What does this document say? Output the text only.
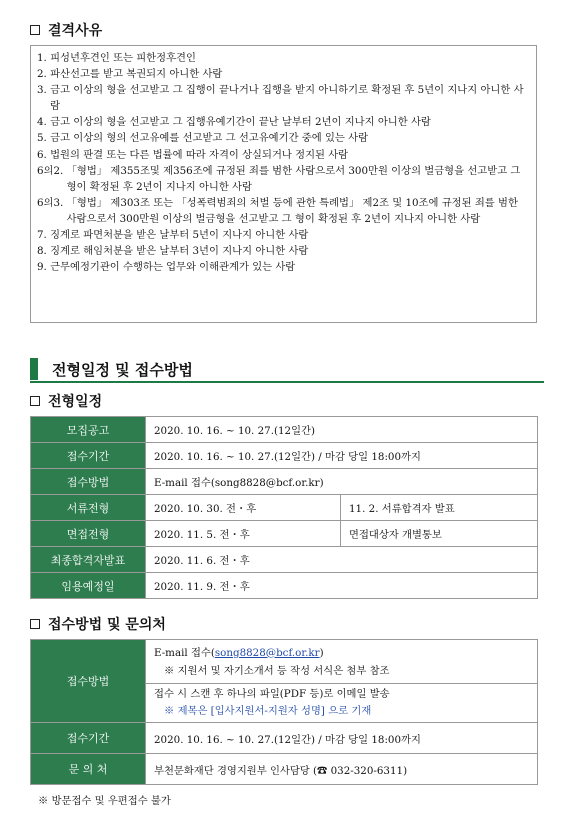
결격사유
1. 피성년후견인 또는 피한정후견인
2. 파산선고를 받고 복권되지 아니한 사람
3. 금고 이상의 형을 선고받고 그 집행이 끝나거나 집행을 받지 아니하기로 확정된 후 5년이 지나지 아니한 사람
4. 금고 이상의 형을 선고받고 그 집행유예기간이 끝난 날부터 2년이 지나지 아니한 사람
5. 금고 이상의 형의 선고유예를 선고받고 그 선고유예기간 중에 있는 사람
6. 법원의 판결 또는 다른 법률에 따라 자격이 상실되거나 정지된 사람
6의2. 「형법」 제355조및 제356조에 규정된 죄를 범한 사람으로서 300만원 이상의 벌금형을 선고받고 그 형이 확정된 후 2년이 지나지 아니한 사람
6의3. 「형법」 제303조 또는 「성폭력범죄의 처벌 등에 관한 특례법」 제2조 및 10조에 규정된 죄를 범한 사람으로서 300만원 이상의 벌금형을 선고받고 그 형이 확정된 후 2년이 지나지 아니한 사람
7. 징계로 파면처분을 받은 날부터 5년이 지나지 아니한 사람
8. 징계로 해임처분을 받은 날부터 3년이 지나지 아니한 사람
9. 근무예정기관이 수행하는 업무와 이해관계가 있는 사람
전형일정 및 접수방법
전형일정
모집공고	2020. 10. 16. ~ 10. 27.(12일간)	
접수기간	2020. 10. 16. ~ 10. 27.(12일간) / 마감 당일 18:00까지	
접수방법	E-mail 접수(song8828@bcf.or.kr)	
서류전형	2020. 10. 30. 전・후	11. 2. 서류합격자 발표
면접전형	2020. 11. 5. 전・후	면접대상자 개별통보
최종합격자발표	2020. 11. 6. 전・후	
임용예정일	2020. 11. 9. 전・후	
접수방법 및 문의처
접수방법	E-mail 접수(song8828@bcf.or.kr)
※ 지원서 및 자기소개서 등 작성 서식은 첨부 참조

	접수 시 스캔 후 하나의 파일(PDF 등)로 이메일 발송
※ 제목은 [입사지원서-지원자 성명] 으로 기재

접수기간	2020. 10. 16. ~ 10. 27.(12일간) / 마감 당일 18:00까지
문 의 처	부천문화재단 경영지원부 인사담당 (☎ 032-320-6311)
※ 방문접수 및 우편접수 불가
